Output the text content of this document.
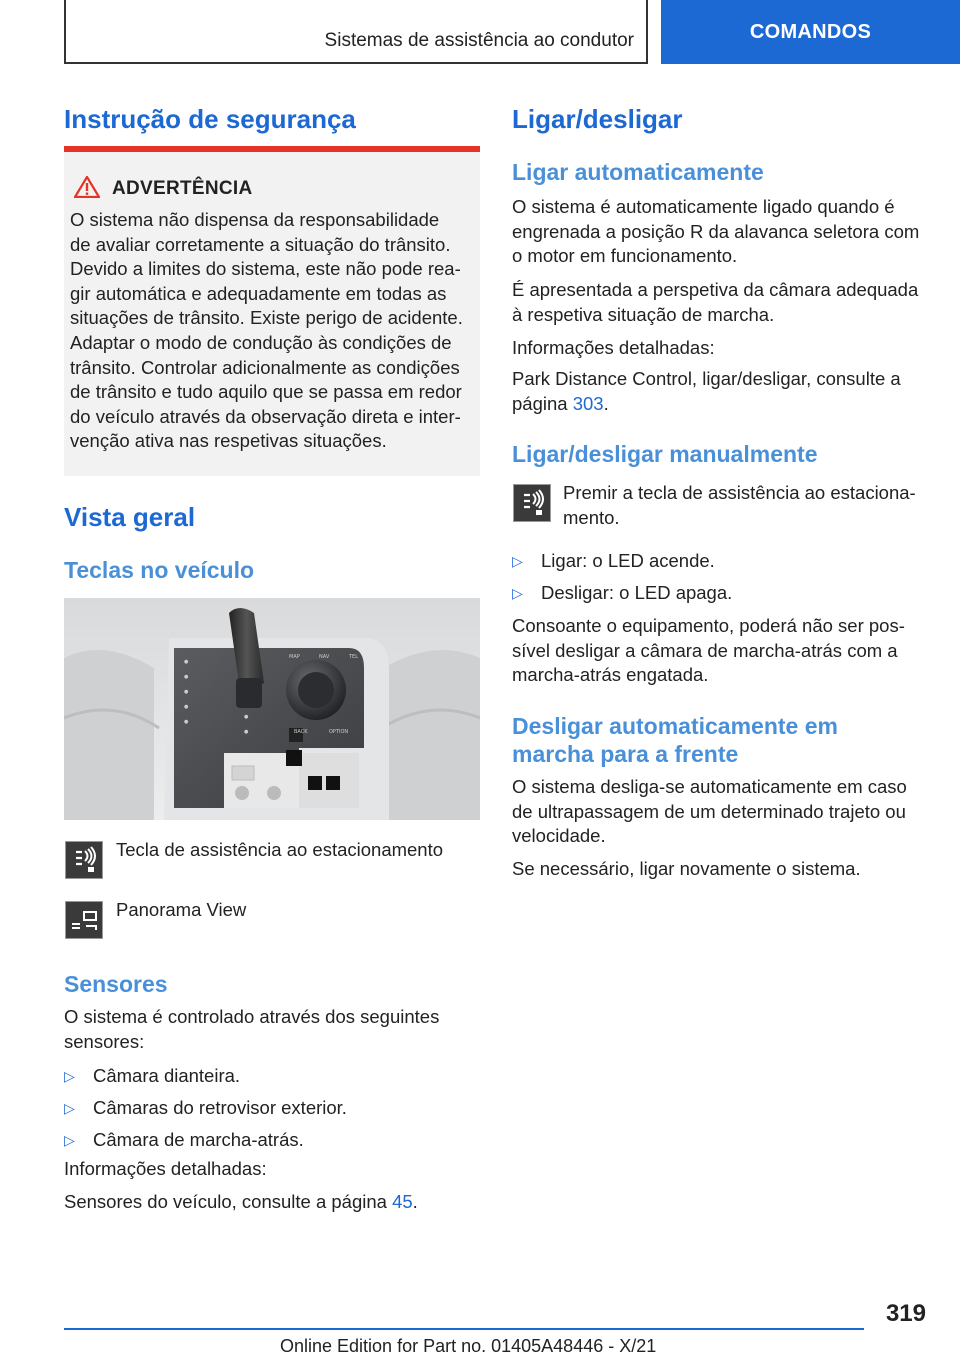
Sistemas de assistência ao condutor	COMANDOS
Instrução de segurança
ADVERTÊNCIA
O sistema não dispensa da responsabilidade
de avaliar corretamente a situação do trânsito.
Devido a limites do sistema, este não pode rea-
gir automática e adequadamente em todas as
situações de trânsito. Existe perigo de acidente.
Adaptar o modo de condução às condições de
trânsito. Controlar adicionalmente as condições
de trânsito e tudo aquilo que se passa em redor
do veículo através da observação direta e inter-
venção ativa nas respetivas situações.
Vista geral
Teclas no veículo
●
●
●
●
●
MAP	NAV	TEL
BACK	OPTION
●
●
Tecla de assistência ao estacionamento
Panorama View
Sensores
O sistema é controlado através dos seguintes
sensores:
▷ Câmara dianteira.
▷ Câmaras do retrovisor exterior.
▷ Câmara de marcha-atrás.
Informações detalhadas:
Sensores do veículo, consulte a página 45.
Ligar/desligar
Ligar automaticamente
O sistema é automaticamente ligado quando é
engrenada a posição R da alavanca seletora com
o motor em funcionamento.
É apresentada a perspetiva da câmara adequada
à respetiva situação de marcha.
Informações detalhadas:
Park Distance Control, ligar/desligar, consulte a
página 303.
Ligar/desligar manualmente
Premir a tecla de assistência ao estaciona-
mento.
▷ Ligar: o LED acende.
▷ Desligar: o LED apaga.
Consoante o equipamento, poderá não ser pos-
sível desligar a câmara de marcha-atrás com a
marcha-atrás engatada.
Desligar automaticamente em
marcha para a frente
O sistema desliga-se automaticamente em caso
de ultrapassagem de um determinado trajeto ou
velocidade.
Se necessário, ligar novamente o sistema.
319
Online Edition for Part no. 01405A48446 - X/21
